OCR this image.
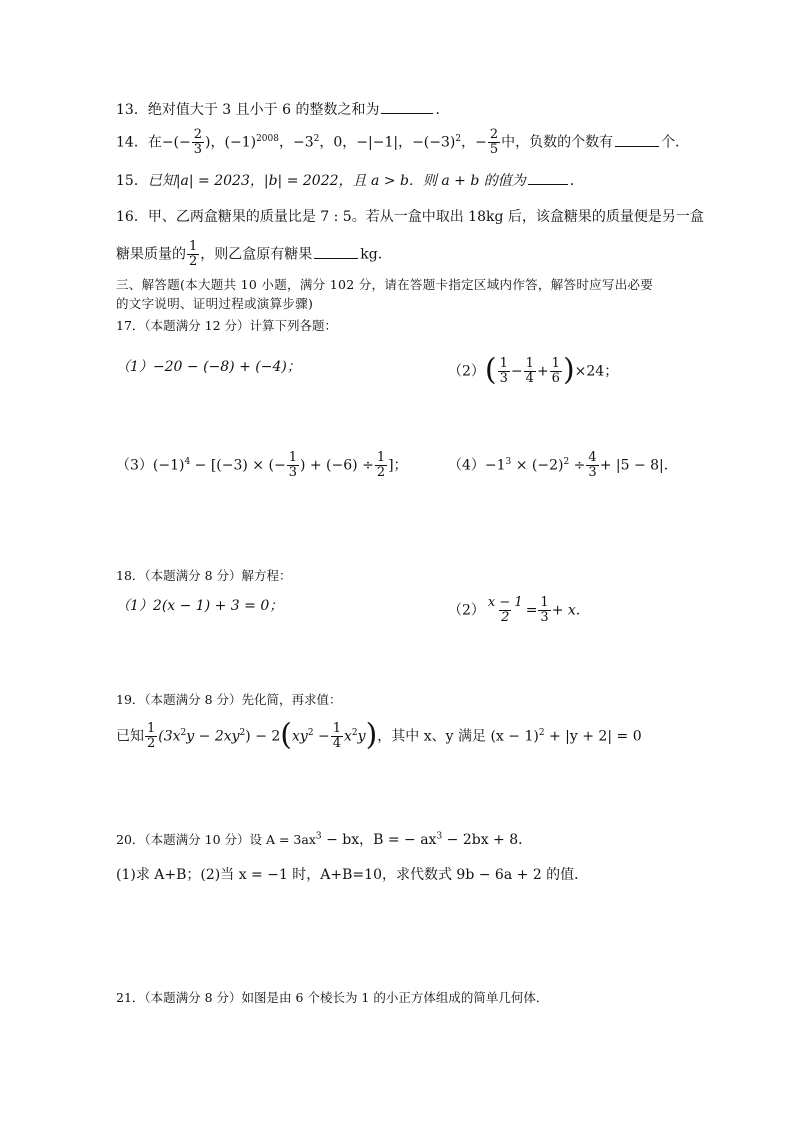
13．绝对值大于 3 且小于 6 的整数之和为	．
14．在−(− $\frac{2}{3}$ )，$(-1)^{2008}$，$-3^2$，0，−|−1|，$-(-3)^2$，− $\frac{2}{5}$ 中，负数的个数有	个．
15．已知|a| = 2023，|b| = 2022，且 a > b．则 a + b 的值为	．
16．甲、乙两盒糖果的质量比是 7 : 5。若从一盒中取出 18kg 后，该盒糖果的质量便是另一盒
糖果质量的 $\frac{1}{2}$ ，则乙盒原有糖果	kg．
三、解答题(本大题共 10 小题，满分 102 分，请在答题卡指定区域内作答，解答时应写出必要
的文字说明、证明过程或演算步骤)
17．（本题满分 12 分）计算下列各题：
（1）−20 − (−8) + (−4)；	$(2)( \frac{1}{3} - \frac{1}{4} + \frac{1}{6} )\times 24$；
$(3)(-1)^4 - [(-3)$ × (− $\frac{1}{3}$ ) + $(-6) \div \frac{1}{2}$ ]；	$(4)-1^3 \times (-2)^2 \div \frac{4}{3} + |5 - 8|$．
18．（本题满分 8 分）解方程：
（1）2(x − 1) + 3 = 0；	$(2) \frac{x - 1}{2} = \frac{1}{3} + x$．
19．（本题满分 8 分）先化简，再求值：
已知 $\frac{1}{2} (3x^2y - 2xy^2) - 2(xy^2 - \frac{1}{4} x^2y)$，其中 x、y 满足 $(x - 1)^2 + |y + 2| = 0$
20．（本题满分 10 分）设 $A = 3ax^3$ − bx，B = − $ax^3 - 2bx + 8$．
(1)求 A+B；(2)当 x = −1 时，A+B=10，求代数式 9b − 6a + 2 的值．
21．（本题满分 8 分）如图是由 6 个棱长为 1 的小正方体组成的简单几何体．
